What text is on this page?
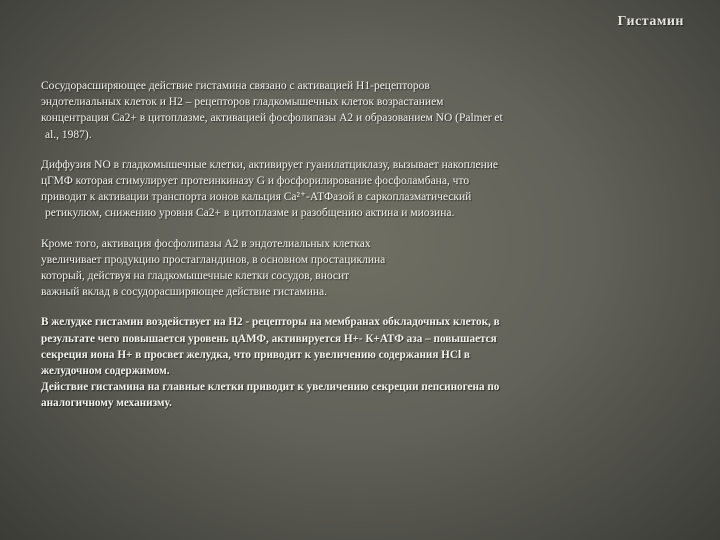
Гистамин

Сосудорасширяющее действие гистамина связано с активацией Н1-рецепторов
эндотелиальных клеток и Н2 – рецепторов гладкомышечных клеток возрастанием
концентрация Са2+ в цитоплазме, активацией фосфолипазы А2 и образованием NO (Palmer et
al., 1987).

Диффузия NO в гладкомышечные клетки, активирует гуанилатциклазу, вызывает накопление
цГМФ которая стимулирует протеинкиназу G и фосфорилирование фосфоламбана, что
приводит к активации транспорта ионов кальция Са²⁺-АТФазой в саркоплазматический
ретикулюм, снижению уровня Са2+ в цитоплазме и разобщению актина и миозина.

Кроме того, активация фосфолипазы А2 в эндотелиальных клетках
увеличивает продукцию простагландинов, в основном простациклина
который, действуя на гладкомышечные клетки сосудов, вносит
важный вклад в сосудорасширяющее действие гистамина.

В желудке гистамин воздействует на Н2 - рецепторы на мембранах обкладочных клеток, в
результате чего повышается уровень цАМФ, активируется Н+- К+АТФ аза – повышается
секреция иона Н+ в просвет желудка, что приводит к увеличению содержания HCl в
желудочном содержимом.
Действие гистамина на главные клетки приводит к увеличению секреции пепсиногена по
аналогичному механизму.
